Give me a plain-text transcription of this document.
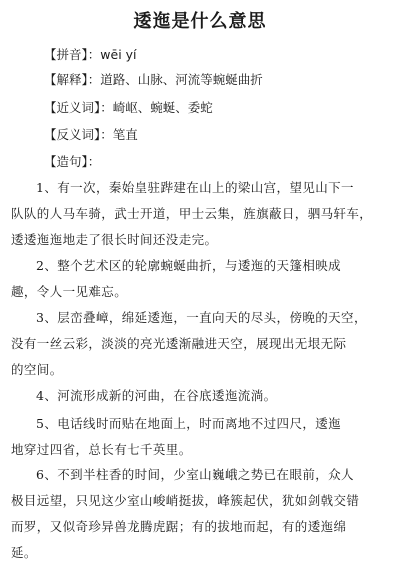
逶迤是什么意思
【拼音】：wēi yí
【解释】：道路、山脉、河流等蜿蜒曲折
【近义词】：崎岖、蜿蜒、委蛇
【反义词】：笔直
【造句】：
1、有一次，秦始皇驻跸建在山上的梁山宫，望见山下一
队队的人马车骑，武士开道，甲士云集，旌旗蔽日，驷马轩车，
逶逶迤迤地走了很长时间还没走完。
2、整个艺术区的轮廓蜿蜒曲折，与逶迤的天篷相映成
趣，令人一见难忘。
3、层峦叠嶂，绵延逶迤，一直向天的尽头，傍晚的天空，
没有一丝云彩，淡淡的亮光逶渐融进天空，展现出无垠无际
的空间。
4、河流形成新的河曲，在谷底逶迤流淌。
5、电话线时而贴在地面上，时而离地不过四尺，逶迤
地穿过四省，总长有七千英里。
6、不到半柱香的时间，少室山巍峨之势已在眼前，众人
极目远望，只见这少室山峻峭挺拔，峰簇起伏，犹如剑戟交错
而罗，又似奇珍异兽龙腾虎踞；有的拔地而起，有的逶迤绵
延。
